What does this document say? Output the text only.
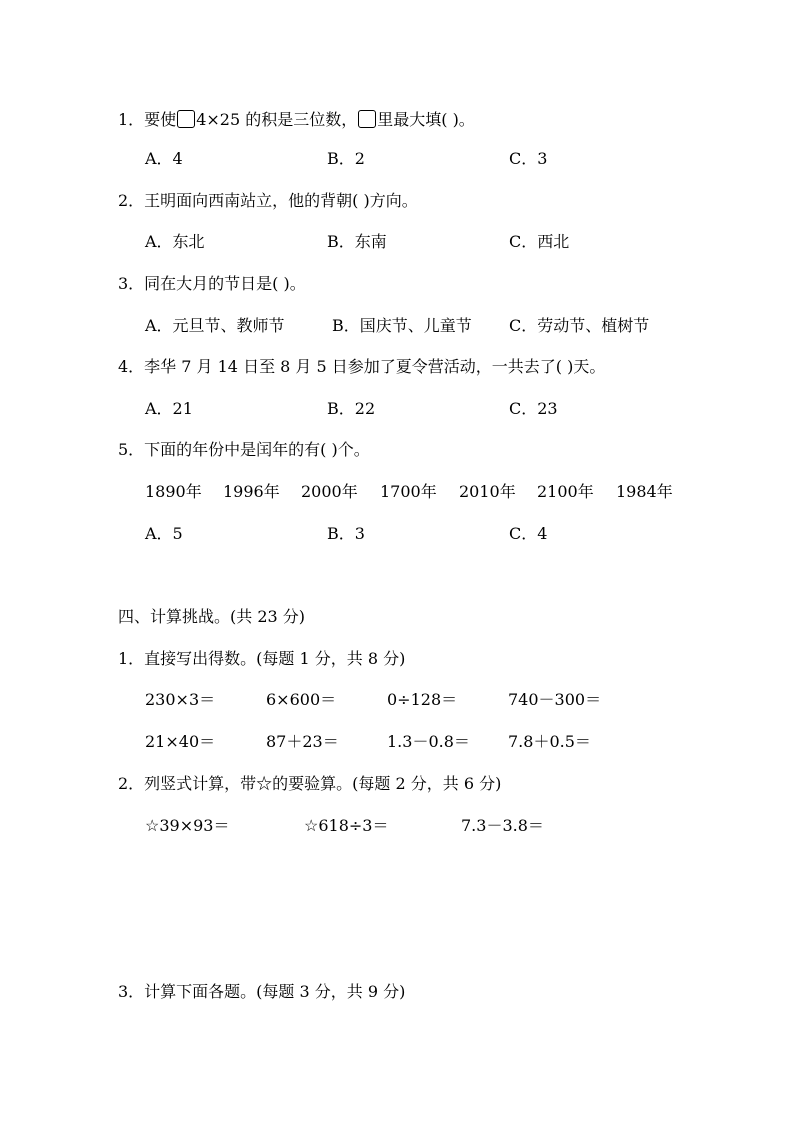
1．要使 4×25 的积是三位数， 里最大填( )。
A．4	B．2	C．3
2．王明面向西南站立，他的背朝( )方向。
A．东北	B．东南	C．西北
3．同在大月的节日是( )。
A．元旦节、教师节	B．国庆节、儿童节 C．劳动节、植树节
4．李华 7 月 14 日至 8 月 5 日参加了夏令营活动，一共去了( )天。
A．21	B．22	C．23
5．下面的年份中是闰年的有( )个。
1890年 1996年 2000年 1700年 2010年 2100年 1984年
A．5	B．3	C．4
四、计算挑战。(共 23 分)
1．直接写出得数。(每题 1 分，共 8 分)
230×3＝	6×600＝	0÷128＝	740－300＝
21×40＝	87＋23＝	1.3－0.8＝ 7.8＋0.5＝
2．列竖式计算，带☆的要验算。(每题 2 分，共 6 分)
☆39×93＝	☆618÷3＝	7.3－3.8＝
3．计算下面各题。(每题 3 分，共 9 分)
